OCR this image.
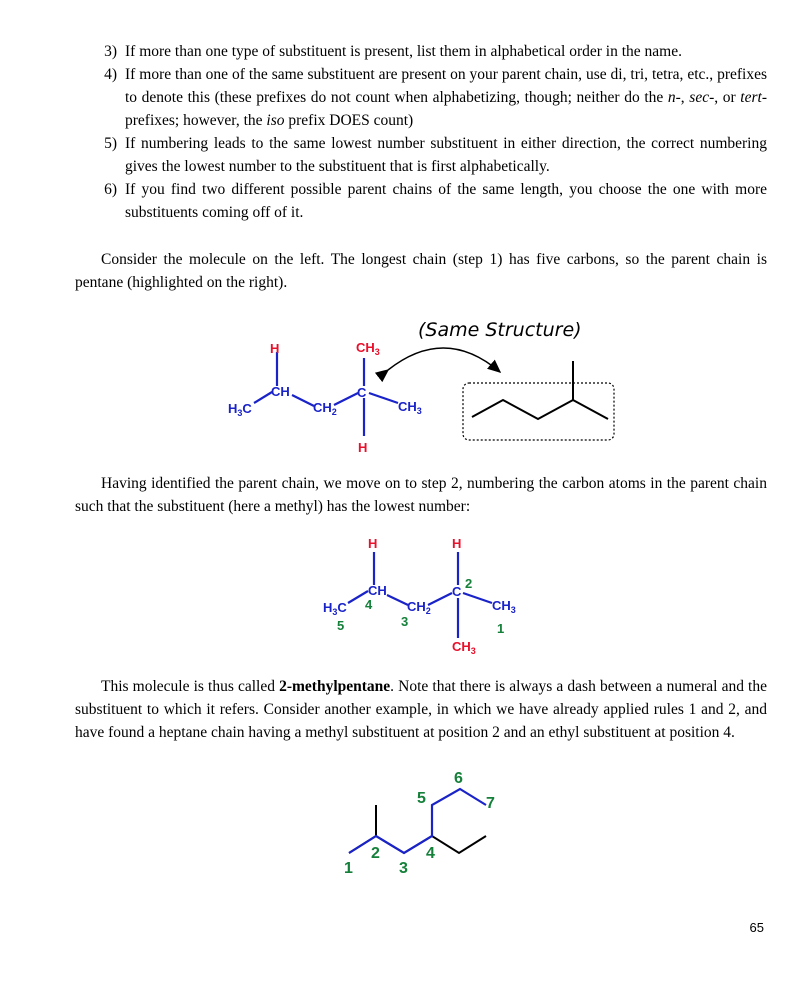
3) If more than one type of substituent is present, list them in alphabetical order in the name.

4) If more than one of the same substituent are present on your parent chain, use di, tri, tetra, etc., prefixes to denote this (these prefixes do not count when alphabetizing, though; neither do the n-, sec-, or tert- prefixes; however, the iso prefix DOES count)

5) If numbering leads to the same lowest number substituent in either direction, the correct numbering gives the lowest number to the substituent that is first alphabetically.

6) If you find two different possible parent chains of the same length, you choose the one with more substituents coming off of it.

Consider the molecule on the left. The longest chain (step 1) has five carbons, so the parent chain is pentane (highlighted on the right).

H	$CH_3$
CH	C
$H_3C$	$CH_2$	$CH_3$
H
(Same Structure)

Having identified the parent chain, we move on to step 2, numbering the carbon atoms in the parent chain such that the substituent (here a methyl) has the lowest number:

H	H
CH	C
$H_3C$	$CH_2$	$CH_3$
$CH_3$
1
2
3
4
5

This molecule is thus called 2-methylpentane. Note that there is always a dash between a numeral and the substituent to which it refers. Consider another example, in which we have already applied rules 1 and 2, and have found a heptane chain having a methyl substituent at position 2 and an ethyl substituent at position 4.

1
2
3
4
5
6
7
65
